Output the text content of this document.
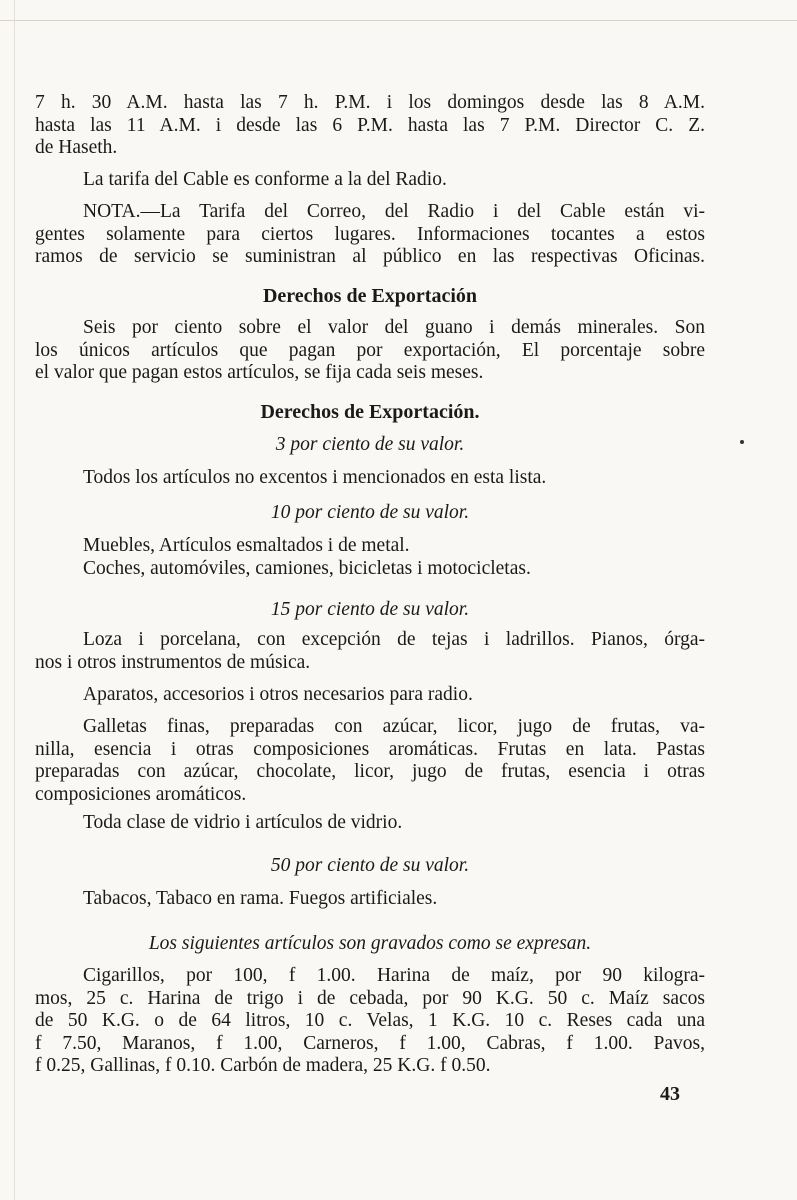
7 h. 30 A.M. hasta las 7 h. P.M. i los domingos desde las 8 A.M.
hasta las 11 A.M. i desde las 6 P.M. hasta las 7 P.M. Director C. Z.
de Haseth.
La tarifa del Cable es conforme a la del Radio.
NOTA.—La Tarifa del Correo, del Radio i del Cable están vi-
gentes solamente para ciertos lugares. Informaciones tocantes a estos
ramos de servicio se suministran al público en las respectivas Oficinas.
Derechos de Exportación
Seis por ciento sobre el valor del guano i demás minerales. Son
los únicos artículos que pagan por exportación, El porcentaje sobre
el valor que pagan estos artículos, se fija cada seis meses.
Derechos de Exportación.
3 por ciento de su valor.
Todos los artículos no excentos i mencionados en esta lista.
10 por ciento de su valor.
Muebles, Artículos esmaltados i de metal.
Coches, automóviles, camiones, bicicletas i motocicletas.
15 por ciento de su valor.
Loza i porcelana, con excepción de tejas i ladrillos. Pianos, órga-
nos i otros instrumentos de música.
Aparatos, accesorios i otros necesarios para radio.
Galletas finas, preparadas con azúcar, licor, jugo de frutas, va-
nilla, esencia i otras composiciones aromáticas. Frutas en lata. Pastas
preparadas con azúcar, chocolate, licor, jugo de frutas, esencia i otras
composiciones aromáticos.
Toda clase de vidrio i artículos de vidrio.
50 por ciento de su valor.
Tabacos, Tabaco en rama. Fuegos artificiales.
Los siguientes artículos son gravados como se expresan.
Cigarillos, por 100, f 1.00. Harina de maíz, por 90 kilogra-
mos, 25 c. Harina de trigo i de cebada, por 90 K.G. 50 c. Maíz sacos
de 50 K.G. o de 64 litros, 10 c. Velas, 1 K.G. 10 c. Reses cada una
f 7.50, Maranos, f 1.00, Carneros, f 1.00, Cabras, f 1.00. Pavos,
f 0.25, Gallinas, f 0.10. Carbón de madera, 25 K.G. f 0.50.
43
